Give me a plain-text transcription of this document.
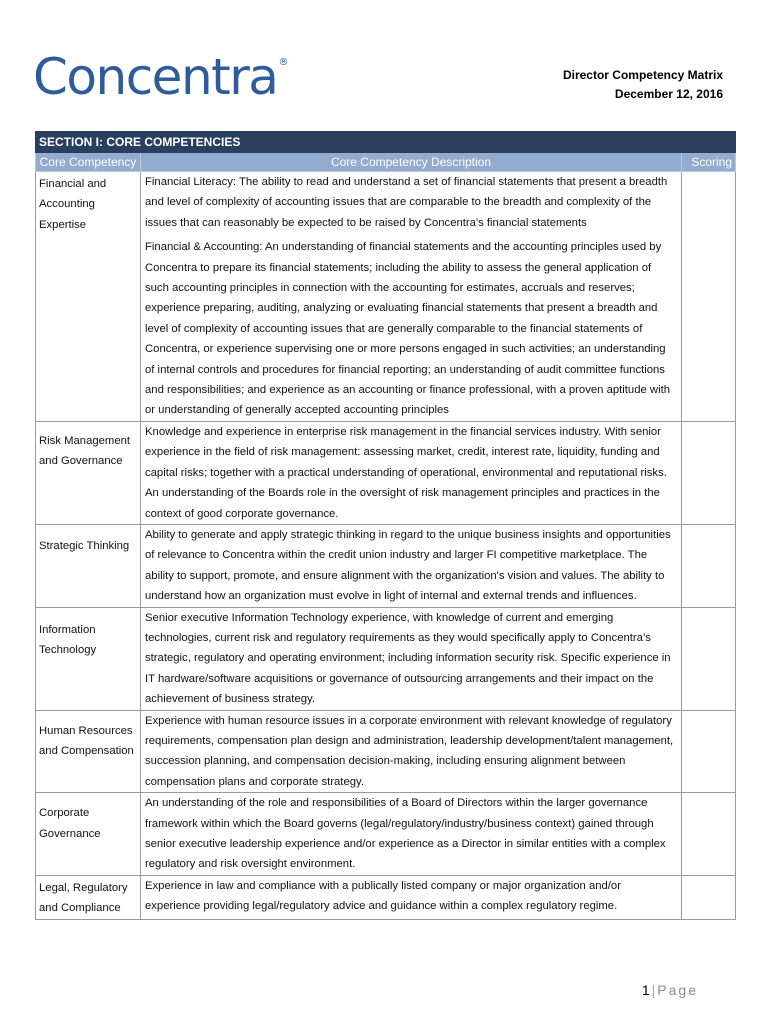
Concentra®
Director Competency Matrix
December 12, 2016
SECTION I: CORE COMPETENCIES		
Core Competency	Core Competency Description	Scoring
Financial and Accounting Expertise	Financial Literacy: The ability to read and understand a set of financial statements that present a breadth and level of complexity of accounting issues that are comparable to the breadth and complexity of the issues that can reasonably be expected to be raised by Concentra's financial statements
Financial & Accounting: An understanding of financial statements and the accounting principles used by Concentra to prepare its financial statements; including the ability to assess the general application of such accounting principles in connection with the accounting for estimates, accruals and reserves; experience preparing, auditing, analyzing or evaluating financial statements that present a breadth and level of complexity of accounting issues that are generally comparable to the financial statements of Concentra, or experience supervising one or more persons engaged in such activities; an understanding of internal controls and procedures for financial reporting; an understanding of audit committee functions and responsibilities; and experience as an accounting or finance professional, with a proven aptitude with or understanding of generally accepted accounting principles	

Risk Management and Governance	Knowledge and experience in enterprise risk management in the financial services industry. With senior experience in the field of risk management: assessing market, credit, interest rate, liquidity, funding and capital risks; together with a practical understanding of operational, environmental and reputational risks. An understanding of the Boards role in the oversight of risk management principles and practices in the context of good corporate governance.	
Strategic Thinking	Ability to generate and apply strategic thinking in regard to the unique business insights and opportunities of relevance to Concentra within the credit union industry and larger FI competitive marketplace. The ability to support, promote, and ensure alignment with the organization's vision and values. The ability to understand how an organization must evolve in light of internal and external trends and influences.	
Information Technology	Senior executive Information Technology experience, with knowledge of current and emerging technologies, current risk and regulatory requirements as they would specifically apply to Concentra’s strategic, regulatory and operating environment; including information security risk. Specific experience in IT hardware/software acquisitions or governance of outsourcing arrangements and their impact on the achievement of business strategy.	
Human Resources and Compensation	Experience with human resource issues in a corporate environment with relevant knowledge of regulatory requirements, compensation plan design and administration, leadership development/talent management, succession planning, and compensation decision-making, including ensuring alignment between compensation plans and corporate strategy.	
Corporate Governance	An understanding of the role and responsibilities of a Board of Directors within the larger governance framework within which the Board governs (legal/regulatory/industry/business context) gained through senior executive leadership experience and/or experience as a Director in similar entities with a complex regulatory and risk oversight environment.	
Legal, Regulatory and Compliance	Experience in law and compliance with a publically listed company or major organization and/or experience providing legal/regulatory advice and guidance within a complex regulatory regime.	
1 | Page
